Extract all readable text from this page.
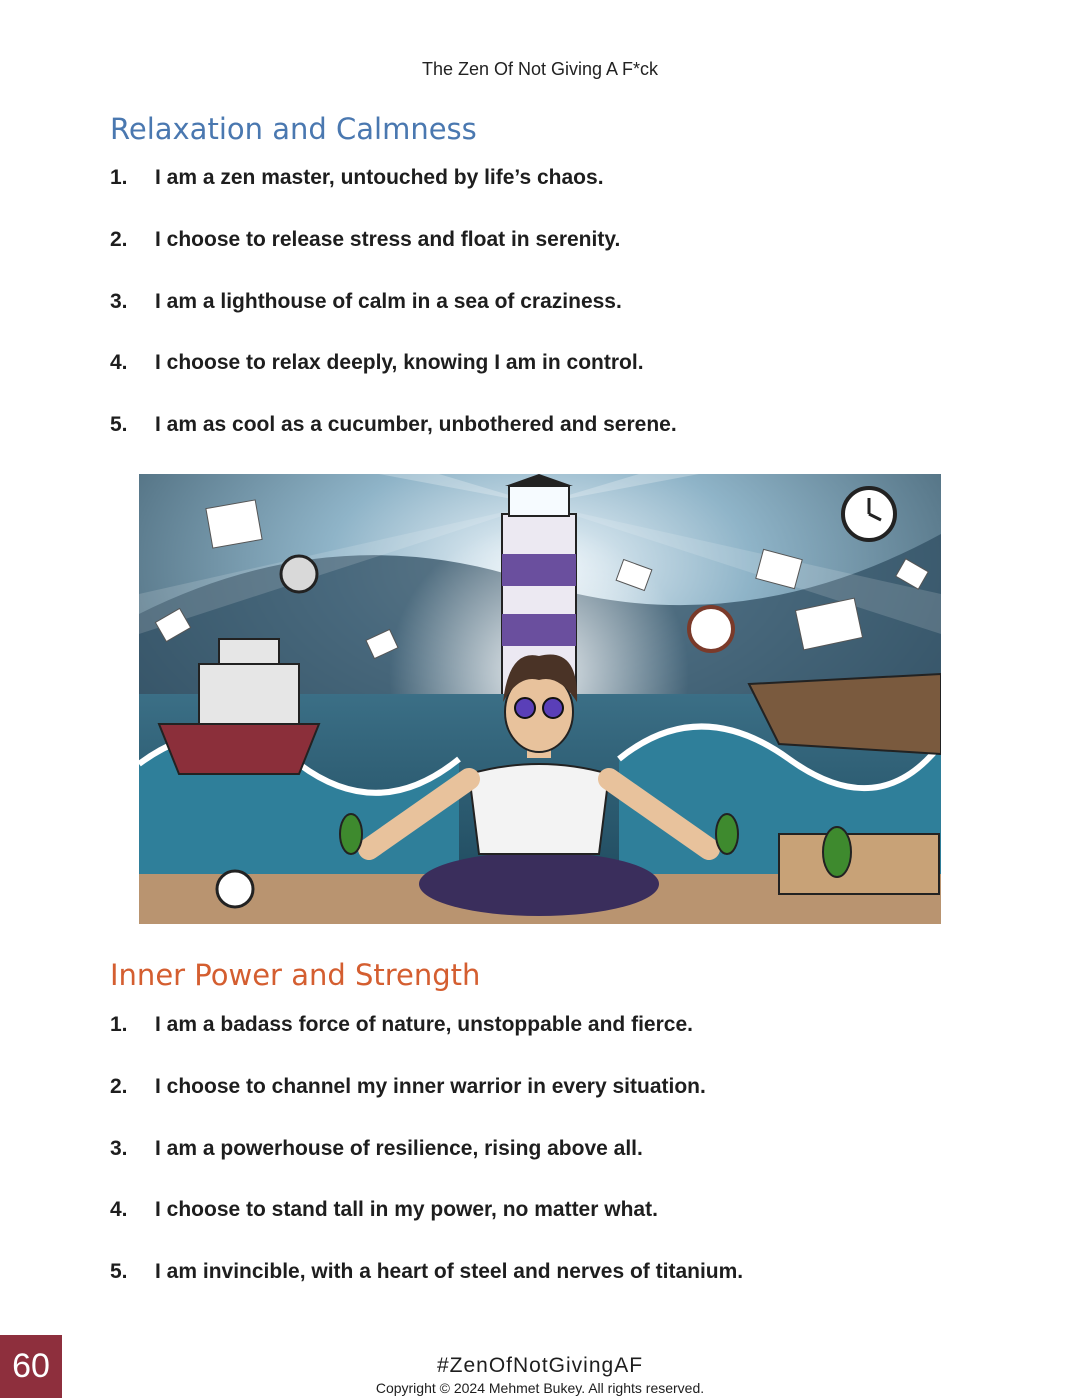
The Zen Of Not Giving A F*ck
Relaxation and Calmness
1. I am a zen master, untouched by life’s chaos.
2. I choose to release stress and float in serenity.
3. I am a lighthouse of calm in a sea of craziness.
4. I choose to relax deeply, knowing I am in control.
5. I am as cool as a cucumber, unbothered and serene.
Inner Power and Strength
1. I am a badass force of nature, unstoppable and fierce.
2. I choose to channel my inner warrior in every situation.
3. I am a powerhouse of resilience, rising above all.
4. I choose to stand tall in my power, no matter what.
5. I am invincible, with a heart of steel and nerves of titanium.
60	#ZenOfNotGivingAF
Copyright © 2024 Mehmet Bukey. All rights reserved.
